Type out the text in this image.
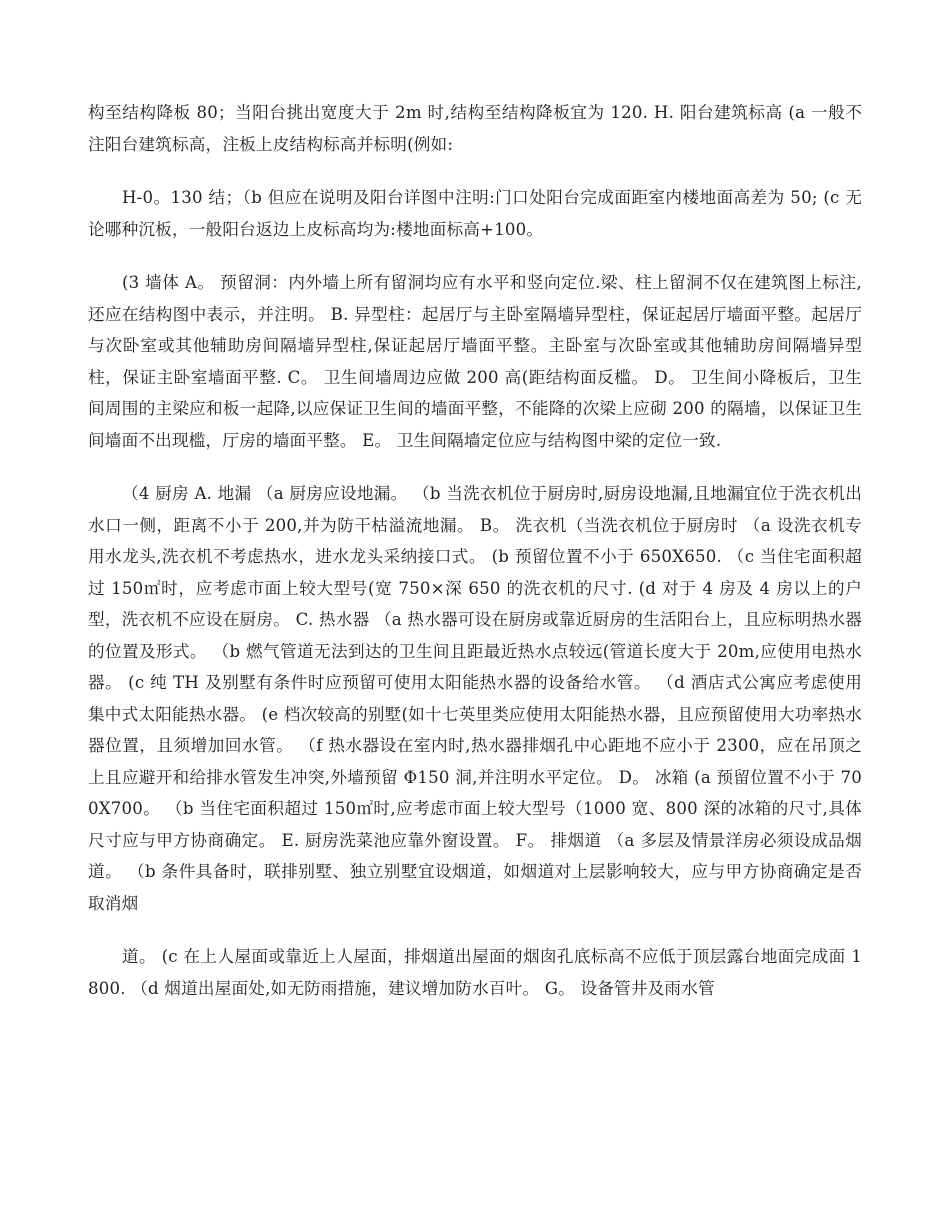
构至结构降板 80；当阳台挑出宽度大于 2m 时,结构至结构降板宜为 120. H. 阳台建筑标高 (a 一般不注阳台建筑标高，注板上皮结构标高并标明(例如:

H-0。130 结；（b 但应在说明及阳台详图中注明:门口处阳台完成面距室内楼地面高差为 50; (c 无论哪种沉板，一般阳台返边上皮标高均为:楼地面标高+100。

(3 墙体 A。 预留洞：内外墙上所有留洞均应有水平和竖向定位.梁、柱上留洞不仅在建筑图上标注,还应在结构图中表示，并注明。 B. 异型柱：起居厅与主卧室隔墙异型柱，保证起居厅墙面平整。起居厅与次卧室或其他辅助房间隔墙异型柱,保证起居厅墙面平整。主卧室与次卧室或其他辅助房间隔墙异型柱，保证主卧室墙面平整. C。 卫生间墙周边应做 200 高(距结构面反槛。 D。 卫生间小降板后，卫生间周围的主梁应和板一起降,以应保证卫生间的墙面平整，不能降的次梁上应砌 200 的隔墙，以保证卫生间墙面不出现槛，厅房的墙面平整。 E。 卫生间隔墙定位应与结构图中梁的定位一致.

（4 厨房 A. 地漏 （a 厨房应设地漏。 （b 当洗衣机位于厨房时,厨房设地漏,且地漏宜位于洗衣机出水口一侧，距离不小于 200,并为防干枯溢流地漏。 B。 洗衣机（当洗衣机位于厨房时 （a 设洗衣机专用水龙头,洗衣机不考虑热水，进水龙头采纳接口式。 (b 预留位置不小于 650X650. （c 当住宅面积超过 150㎡时，应考虑市面上较大型号(宽 750×深 650 的洗衣机的尺寸. (d 对于 4 房及 4 房以上的户型，洗衣机不应设在厨房。 C. 热水器 （a 热水器可设在厨房或靠近厨房的生活阳台上，且应标明热水器的位置及形式。 （b 燃气管道无法到达的卫生间且距最近热水点较远(管道长度大于 20m,应使用电热水器。 (c 纯 TH 及别墅有条件时应预留可使用太阳能热水器的设备给水管。 （d 酒店式公寓应考虑使用集中式太阳能热水器。 (e 档次较高的别墅(如十七英里类应使用太阳能热水器，且应预留使用大功率热水器位置，且须增加回水管。 （f 热水器设在室内时,热水器排烟孔中心距地不应小于 2300，应在吊顶之上且应避开和给排水管发生冲突,外墙预留 Φ150 洞,并注明水平定位。 D。 冰箱 (a 预留位置不小于 700X700。 （b 当住宅面积超过 150㎡时,应考虑市面上较大型号（1000 宽、800 深的冰箱的尺寸,具体尺寸应与甲方协商确定。 E. 厨房洗菜池应靠外窗设置。 F。 排烟道 （a 多层及情景洋房必须设成品烟道。 （b 条件具备时，联排别墅、独立别墅宜设烟道，如烟道对上层影响较大，应与甲方协商确定是否取消烟

道。 (c 在上人屋面或靠近上人屋面，排烟道出屋面的烟囱孔底标高不应低于顶层露台地面完成面 1800. （d 烟道出屋面处,如无防雨措施，建议增加防水百叶。 G。 设备管井及雨水管
